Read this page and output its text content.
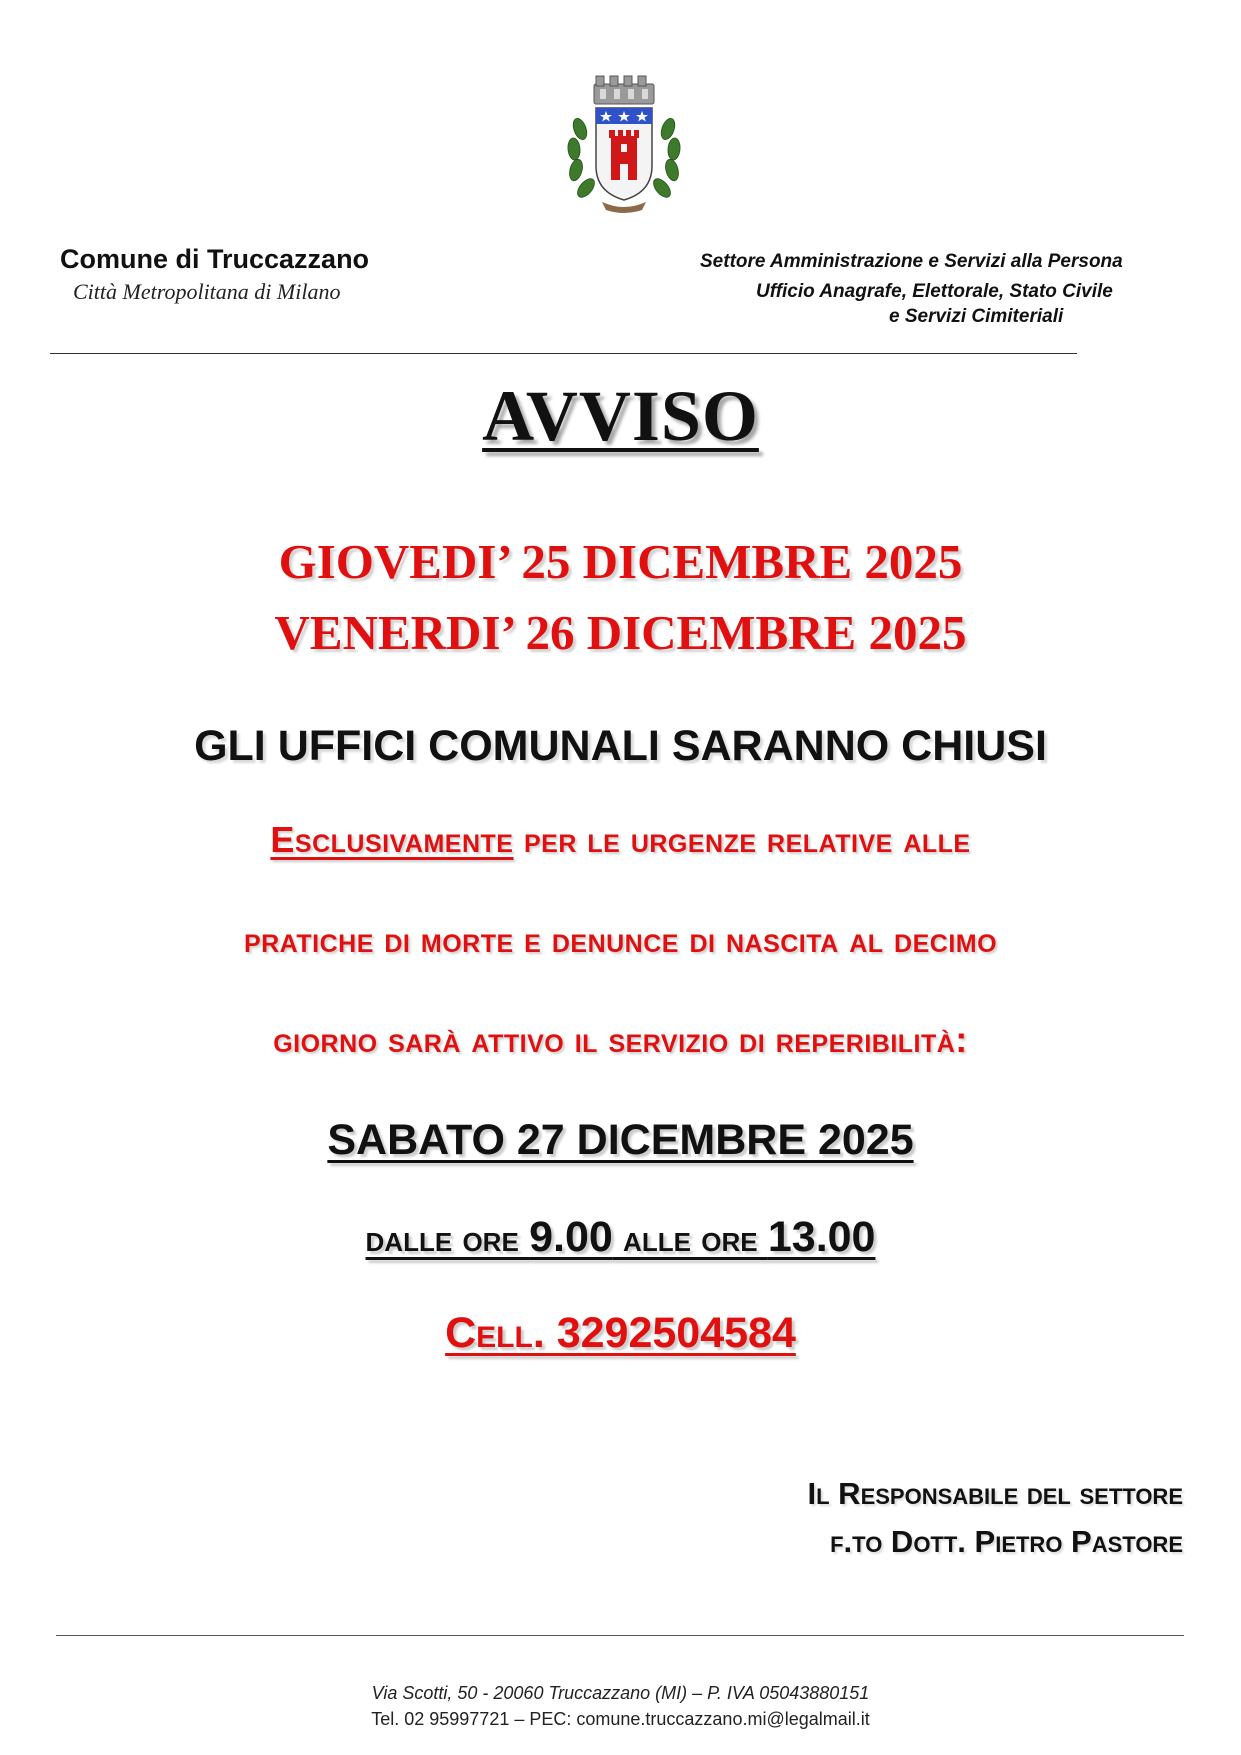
Comune di Truccazzano
Città Metropolitana di Milano
Settore Amministrazione e Servizi alla Persona
Ufficio Anagrafe, Elettorale, Stato Civile
e Servizi Cimiteriali
AVVISO
GIOVEDI’ 25 DICEMBRE 2025
VENERDI’ 26 DICEMBRE 2025
GLI UFFICI COMUNALI SARANNO CHIUSI
Esclusivamente per le urgenze relative alle
pratiche di morte e denunce di nascita al decimo
giorno sarà attivo il servizio di reperibilità:
SABATO 27 DICEMBRE 2025
dalle ore 9.00 alle ore 13.00
Cell. 3292504584
Il Responsabile del settore
f.to Dott. Pietro Pastore
Via Scotti, 50 - 20060 Truccazzano (MI) – P. IVA 05043880151
Tel. 02 95997721 – PEC: comune.truccazzano.mi@legalmail.it
